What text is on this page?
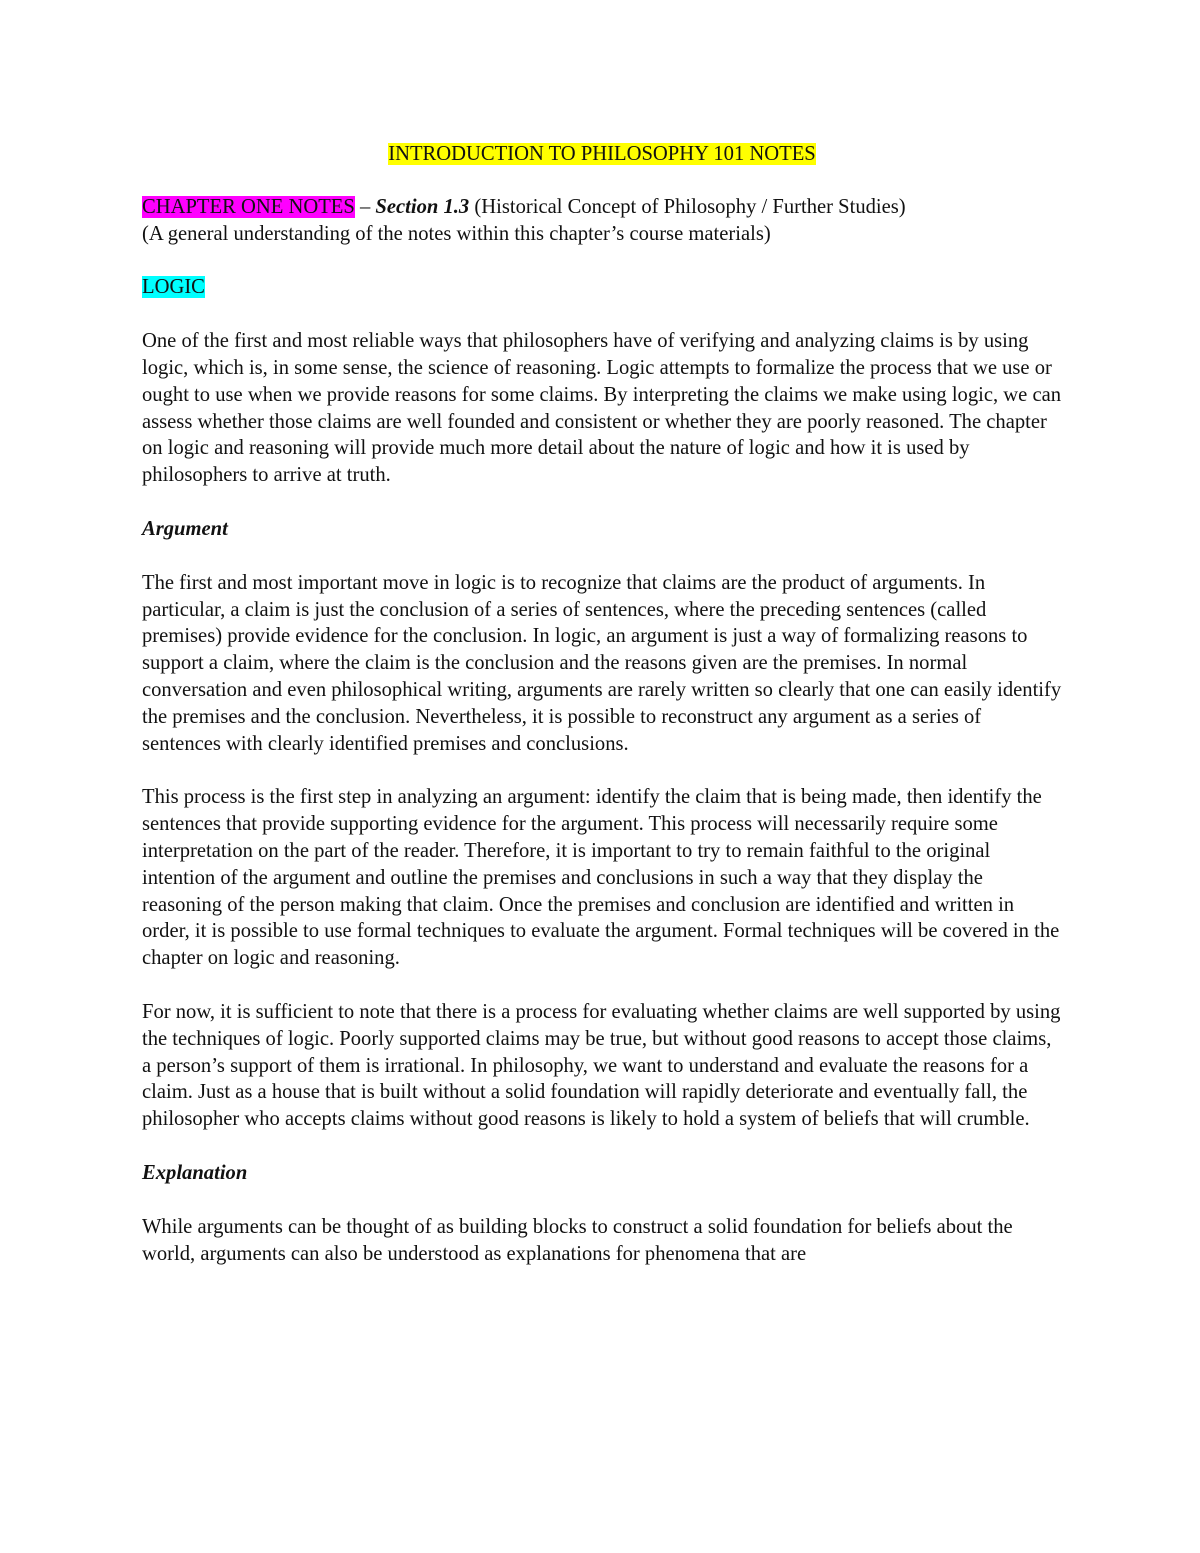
INTRODUCTION TO PHILOSOPHY 101 NOTES

CHAPTER ONE NOTES – Section 1.3 (Historical Concept of Philosophy / Further Studies)

(A general understanding of the notes within this chapter’s course materials)

LOGIC

One of the first and most reliable ways that philosophers have of verifying and analyzing claims is by using logic, which is, in some sense, the science of reasoning. Logic attempts to formalize the process that we use or ought to use when we provide reasons for some claims. By interpreting the claims we make using logic, we can assess whether those claims are well founded and consistent or whether they are poorly reasoned. The chapter on logic and reasoning will provide much more detail about the nature of logic and how it is used by philosophers to arrive at truth.

Argument

The first and most important move in logic is to recognize that claims are the product of arguments. In particular, a claim is just the conclusion of a series of sentences, where the preceding sentences (called premises) provide evidence for the conclusion. In logic, an argument is just a way of formalizing reasons to support a claim, where the claim is the conclusion and the reasons given are the premises. In normal conversation and even philosophical writing, arguments are rarely written so clearly that one can easily identify the premises and the conclusion. Nevertheless, it is possible to reconstruct any argument as a series of sentences with clearly identified premises and conclusions.

This process is the first step in analyzing an argument: identify the claim that is being made, then identify the sentences that provide supporting evidence for the argument. This process will necessarily require some interpretation on the part of the reader. Therefore, it is important to try to remain faithful to the original intention of the argument and outline the premises and conclusions in such a way that they display the reasoning of the person making that claim. Once the premises and conclusion are identified and written in order, it is possible to use formal techniques to evaluate the argument. Formal techniques will be covered in the chapter on logic and reasoning.

For now, it is sufficient to note that there is a process for evaluating whether claims are well supported by using the techniques of logic. Poorly supported claims may be true, but without good reasons to accept those claims, a person’s support of them is irrational. In philosophy, we want to understand and evaluate the reasons for a claim. Just as a house that is built without a solid foundation will rapidly deteriorate and eventually fall, the philosopher who accepts claims without good reasons is likely to hold a system of beliefs that will crumble.

Explanation

While arguments can be thought of as building blocks to construct a solid foundation for beliefs about the world, arguments can also be understood as explanations for phenomena that are
